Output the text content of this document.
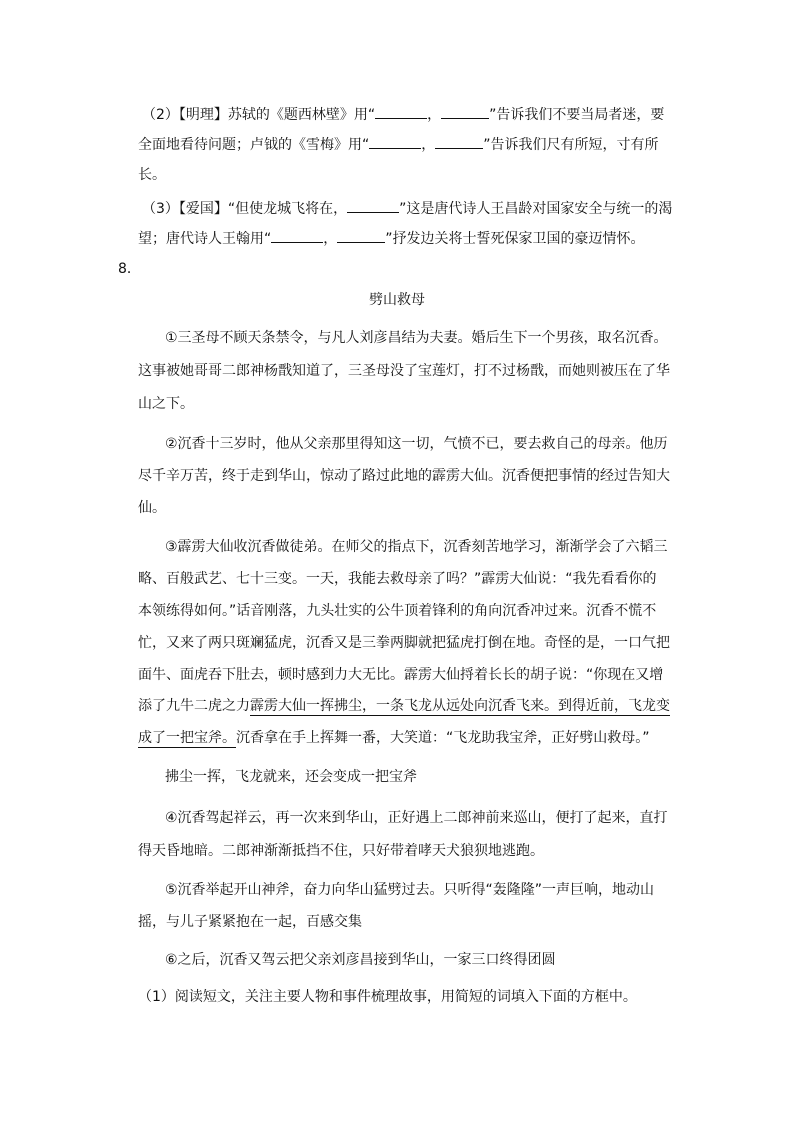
（2）【明理】苏轼的《题西林壁》用“	，	”告诉我们不要当局者迷，要
全面地看待问题；卢钺的《雪梅》用“	，	”告诉我们尺有所短，寸有所
长。
（3）【爱国】“但使龙城飞将在，	”这是唐代诗人王昌龄对国家安全与统一的渴
望；唐代诗人王翰用“	，	”抒发边关将士誓死保家卫国的豪迈情怀。
8．
劈山救母
①三圣母不顾天条禁令，与凡人刘彦昌结为夫妻。婚后生下一个男孩，取名沉香。
这事被她哥哥二郎神杨戬知道了，三圣母没了宝莲灯，打不过杨戬，而她则被压在了华
山之下。
②沉香十三岁时，他从父亲那里得知这一切，气愤不已，要去救自己的母亲。他历
尽千辛万苦，终于走到华山，惊动了路过此地的霹雳大仙。沉香便把事情的经过告知大
仙。
③霹雳大仙收沉香做徒弟。在师父的指点下，沉香刻苦地学习，渐渐学会了六韬三
略、百般武艺、七十三变。一天，我能去救母亲了吗？”霹雳大仙说：“我先看看你的
本领练得如何。”话音刚落，九头壮实的公牛顶着锋利的角向沉香冲过来。沉香不慌不
忙，又来了两只斑斓猛虎，沉香又是三拳两脚就把猛虎打倒在地。奇怪的是，一口气把
面牛、面虎吞下肚去，顿时感到力大无比。霹雳大仙捋着长长的胡子说：“你现在又增
添了九牛二虎之力霹雳大仙一挥拂尘，一条飞龙从远处向沉香飞来。到得近前，飞龙变
成了一把宝斧。沉香拿在手上挥舞一番，大笑道：“飞龙助我宝斧，正好劈山救母。”
拂尘一挥，飞龙就来，还会变成一把宝斧
④沉香驾起祥云，再一次来到华山，正好遇上二郎神前来巡山，便打了起来，直打
得天昏地暗。二郎神渐渐抵挡不住，只好带着哮天犬狼狈地逃跑。
⑤沉香举起开山神斧，奋力向华山猛劈过去。只听得“轰隆隆”一声巨响，地动山
摇，与儿子紧紧抱在一起，百感交集
⑥之后，沉香又驾云把父亲刘彦昌接到华山，一家三口终得团圆
（1）阅读短文，关注主要人物和事件梳理故事，用简短的词填入下面的方框中。
